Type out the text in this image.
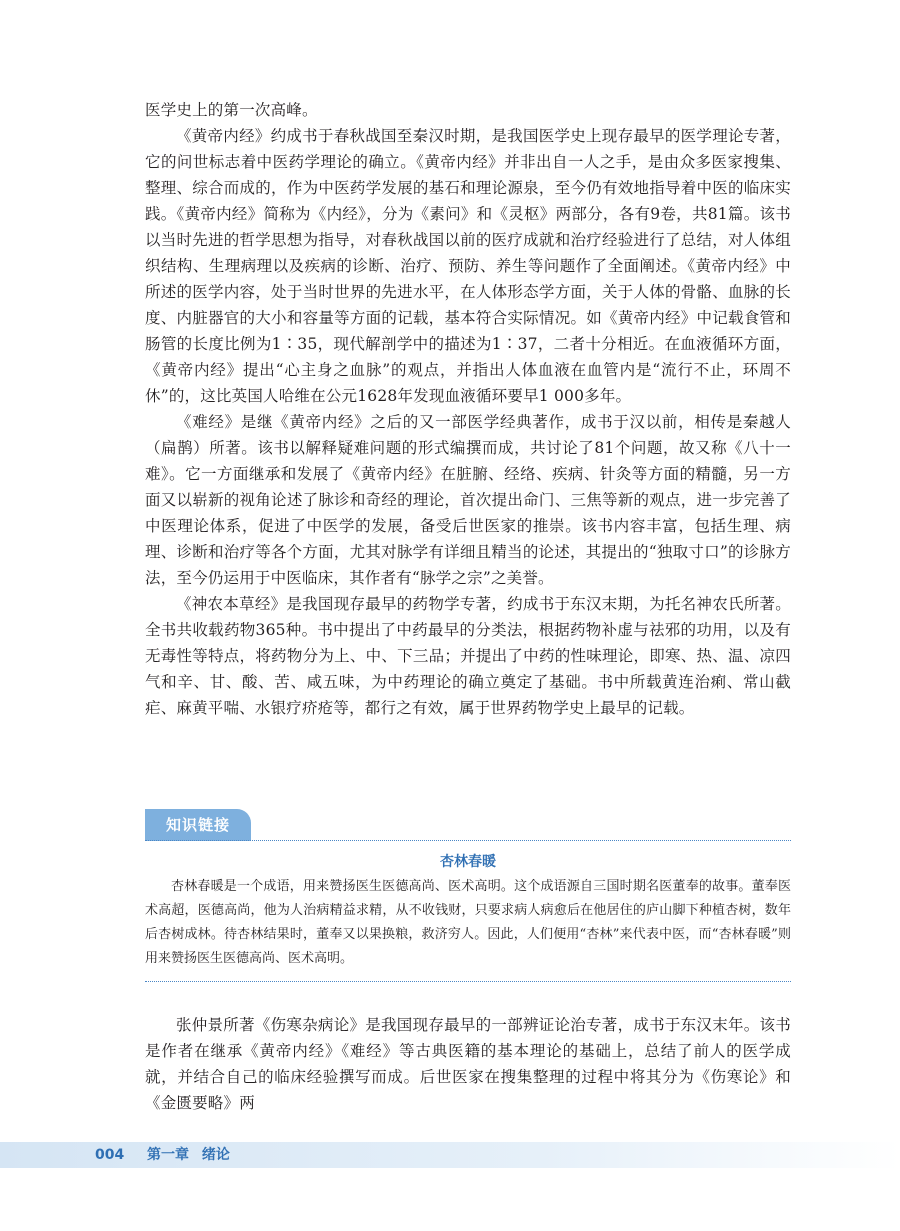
医学史上的第一次高峰。

《黄帝内经》约成书于春秋战国至秦汉时期，是我国医学史上现存最早的医学理论专著，它的问世标志着中医药学理论的确立。《黄帝内经》并非出自一人之手，是由众多医家搜集、整理、综合而成的，作为中医药学发展的基石和理论源泉，至今仍有效地指导着中医的临床实践。《黄帝内经》简称为《内经》，分为《素问》和《灵枢》两部分，各有9卷，共81篇。该书以当时先进的哲学思想为指导，对春秋战国以前的医疗成就和治疗经验进行了总结，对人体组织结构、生理病理以及疾病的诊断、治疗、预防、养生等问题作了全面阐述。《黄帝内经》中所述的医学内容，处于当时世界的先进水平，在人体形态学方面，关于人体的骨骼、血脉的长度、内脏器官的大小和容量等方面的记载，基本符合实际情况。如《黄帝内经》中记载食管和肠管的长度比例为1∶35，现代解剖学中的描述为1∶37，二者十分相近。在血液循环方面，《黄帝内经》提出“心主身之血脉”的观点，并指出人体血液在血管内是“流行不止，环周不休”的，这比英国人哈维在公元1628年发现血液循环要早1 000多年。

《难经》是继《黄帝内经》之后的又一部医学经典著作，成书于汉以前，相传是秦越人（扁鹊）所著。该书以解释疑难问题的形式编撰而成，共讨论了81个问题，故又称《八十一难》。它一方面继承和发展了《黄帝内经》在脏腑、经络、疾病、针灸等方面的精髓，另一方面又以崭新的视角论述了脉诊和奇经的理论，首次提出命门、三焦等新的观点，进一步完善了中医理论体系，促进了中医学的发展，备受后世医家的推崇。该书内容丰富，包括生理、病理、诊断和治疗等各个方面，尤其对脉学有详细且精当的论述，其提出的“独取寸口”的诊脉方法，至今仍运用于中医临床，其作者有“脉学之宗”之美誉。

《神农本草经》是我国现存最早的药物学专著，约成书于东汉末期，为托名神农氏所著。全书共收载药物365种。书中提出了中药最早的分类法，根据药物补虚与祛邪的功用，以及有无毒性等特点，将药物分为上、中、下三品；并提出了中药的性味理论，即寒、热、温、凉四气和辛、甘、酸、苦、咸五味，为中药理论的确立奠定了基础。书中所载黄连治痢、常山截疟、麻黄平喘、水银疗疥疮等，都行之有效，属于世界药物学史上最早的记载。

知识链接

杏林春暖

杏林春暖是一个成语，用来赞扬医生医德高尚、医术高明。这个成语源自三国时期名医董奉的故事。董奉医术高超，医德高尚，他为人治病精益求精，从不收钱财，只要求病人病愈后在他居住的庐山脚下种植杏树，数年后杏树成林。待杏林结果时，董奉又以果换粮，救济穷人。因此，人们便用“杏林”来代表中医，而“杏林春暖”则用来赞扬医生医德高尚、医术高明。

张仲景所著《伤寒杂病论》是我国现存最早的一部辨证论治专著，成书于东汉末年。该书是作者在继承《黄帝内经》《难经》等古典医籍的基本理论的基础上，总结了前人的医学成就，并结合自己的临床经验撰写而成。后世医家在搜集整理的过程中将其分为《伤寒论》和《金匮要略》两

004 第一章 绪论
